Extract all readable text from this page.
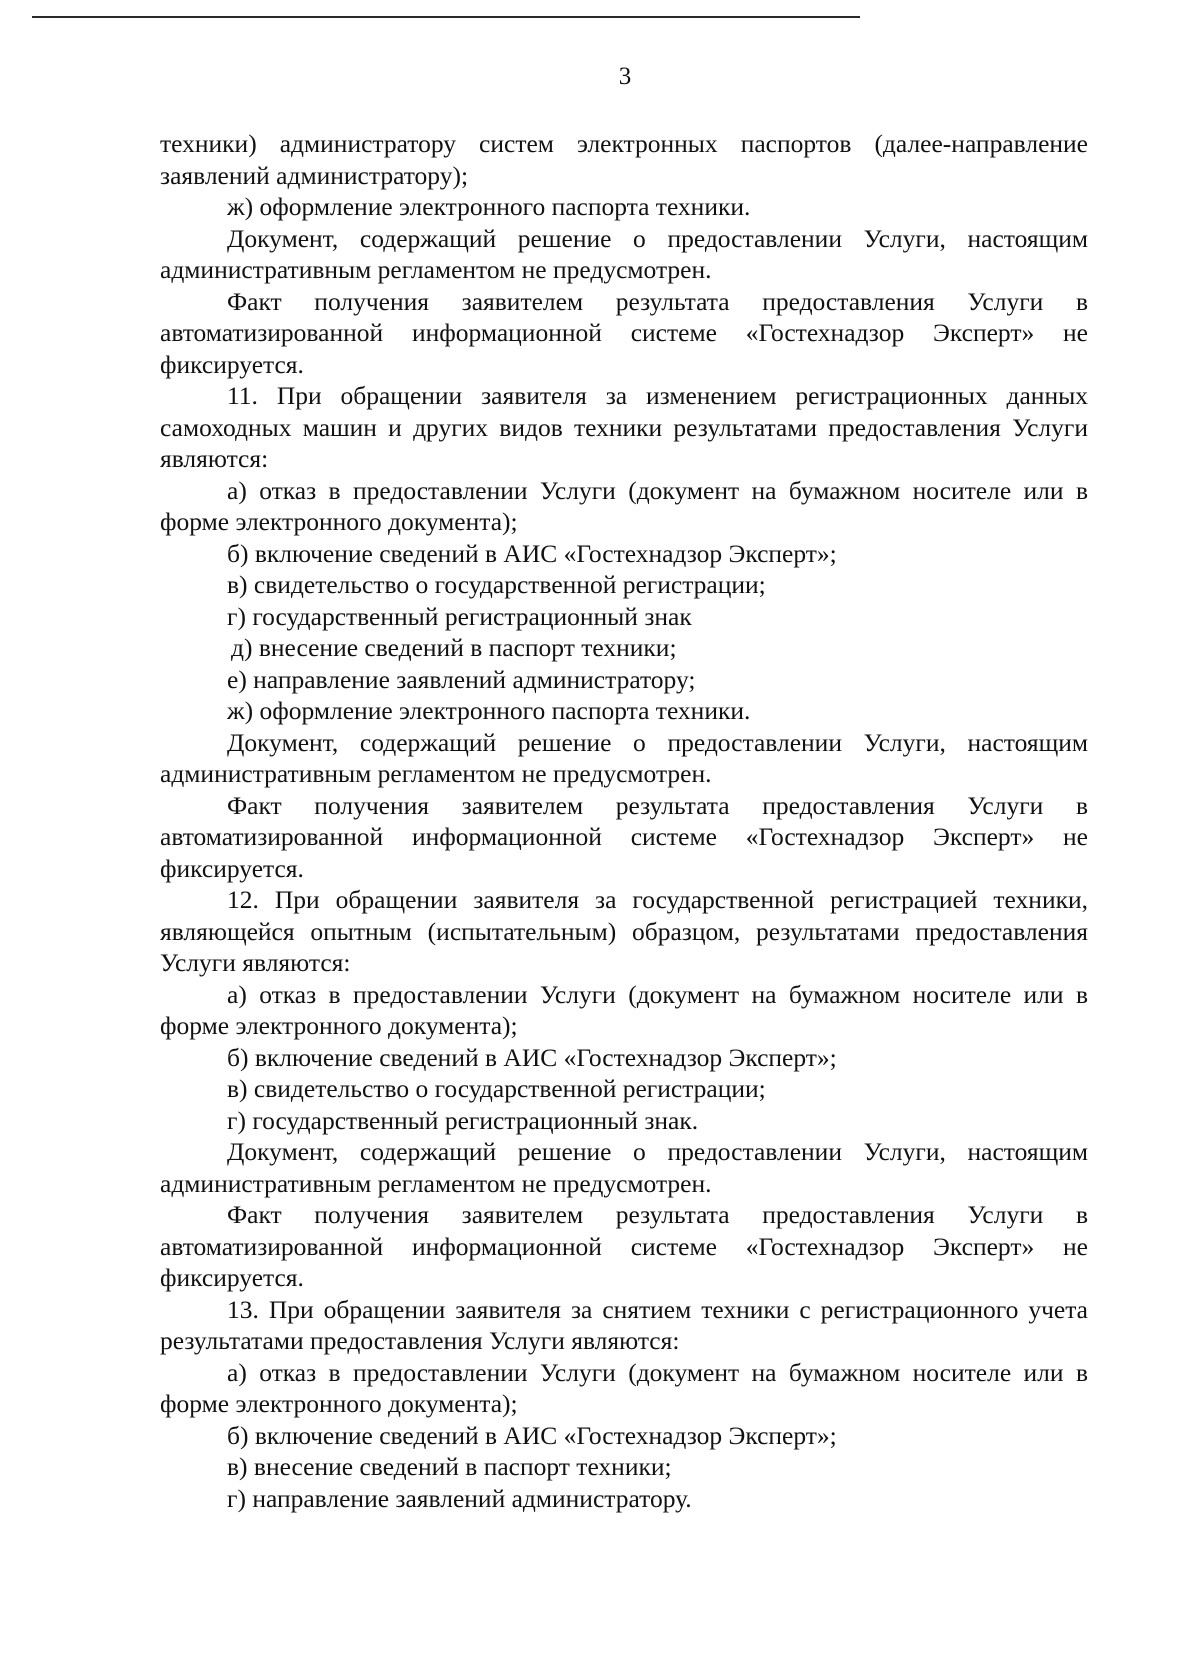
3

техники) администратору систем электронных паспортов (далее-направление заявлений администратору);

ж) оформление электронного паспорта техники.

Документ, содержащий решение о предоставлении Услуги, настоящим административным регламентом не предусмотрен.

Факт получения заявителем результата предоставления Услуги в автоматизированной информационной системе «Гостехнадзор Эксперт» не фиксируется.

11. При обращении заявителя за изменением регистрационных данных самоходных машин и других видов техники результатами предоставления Услуги являются:

а) отказ в предоставлении Услуги (документ на бумажном носителе или в форме электронного документа);

б) включение сведений в АИС «Гостехнадзор Эксперт»;

в) свидетельство о государственной регистрации;

г) государственный регистрационный знак

д) внесение сведений в паспорт техники;

е) направление заявлений администратору;

ж) оформление электронного паспорта техники.

Документ, содержащий решение о предоставлении Услуги, настоящим административным регламентом не предусмотрен.

Факт получения заявителем результата предоставления Услуги в автоматизированной информационной системе «Гостехнадзор Эксперт» не фиксируется.

12. При обращении заявителя за государственной регистрацией техники, являющейся опытным (испытательным) образцом, результатами предоставления Услуги являются:

а) отказ в предоставлении Услуги (документ на бумажном носителе или в форме электронного документа);

б) включение сведений в АИС «Гостехнадзор Эксперт»;

в) свидетельство о государственной регистрации;

г) государственный регистрационный знак.

Документ, содержащий решение о предоставлении Услуги, настоящим административным регламентом не предусмотрен.

Факт получения заявителем результата предоставления Услуги в автоматизированной информационной системе «Гостехнадзор Эксперт» не фиксируется.

13. При обращении заявителя за снятием техники с регистрационного учета результатами предоставления Услуги являются:

а) отказ в предоставлении Услуги (документ на бумажном носителе или в форме электронного документа);

б) включение сведений в АИС «Гостехнадзор Эксперт»;

в) внесение сведений в паспорт техники;

г) направление заявлений администратору.
